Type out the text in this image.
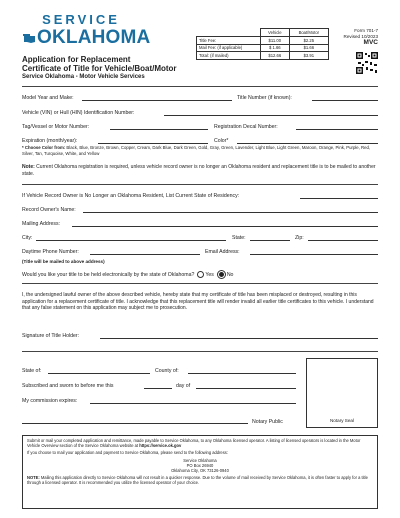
SERVICE
OKLAHOMA
		Vehicle	Boat/Motor
Title Fee:	$11.00	$2.25
Mail Fee: (if applicable)	$ 1.66	$1.66
Total: (if mailed)	$12.66	$3.91
Form 701-7
Revised 10/2023
MVC
Application for Replacement
Certificate of Title for Vehicle/Boat/Motor
Service Oklahoma - Motor Vehicle Services
Model Year and Make:	Title Number (if known):
Vehicle (VIN) or Hull (HIN) Identification Number:
Tag/Vessel or Motor Number:	Registration Decal Number:
Expiration (month/year):	Color*
* Choose Color from: Black, Blue, Bronze, Brown, Copper, Cream, Dark Blue, Dark Green, Gold, Gray, Green, Lavender, Light Blue, Light Green, Maroon, Orange, Pink, Purple, Red, Silver, Tan, Turquoise, White, and Yellow
Note: Current Oklahoma registration is required, unless vehicle record owner is no longer an Oklahoma resident and replacement title is to be mailed to another state.
If Vehicle Record Owner is No Longer an Oklahoma Resident, List Current State of Residency:
Record Owner's Name:
Mailing Address:
City:	State:	Zip:
Daytime Phone Number:	Email Address:
(Title will be mailed to above address)
Would you like your title to be held electronically by the state of Oklahoma? Yes	No
I, the undersigned lawful owner of the above described vehicle, hereby state that my certificate of title has been misplaced or destroyed, resulting in this application for a replacement certificate of title. I acknowledge that this replacement title will render invalid all earlier title certificates to this vehicle. I understand that any false statement on this application may subject me to prosecution.
Signature of Title Holder:
State of:	County of:
Subscribed and sworn to before me this	day of
My commission expires:
Notary Public	Notary Seal
Submit or mail your completed application and remittance, made payable to Service Oklahoma, to any Oklahoma licensed operator. A listing of licensed operators is located in the Motor Vehicle Overview section of the Service Oklahoma website at https://service.ok.gov
If you choose to mail your application and payment to Service Oklahoma, please send to the following address:
Service Oklahoma
PO Box 26940
Oklahoma City, OK 73126-0940
NOTE: Mailing this application directly to Service Oklahoma will not result in a quicker response. Due to the volume of mail received by Service Oklahoma, it is often faster to apply for a title through a licensed operator. It is recommended you utilize the licensed operator of your choice.
